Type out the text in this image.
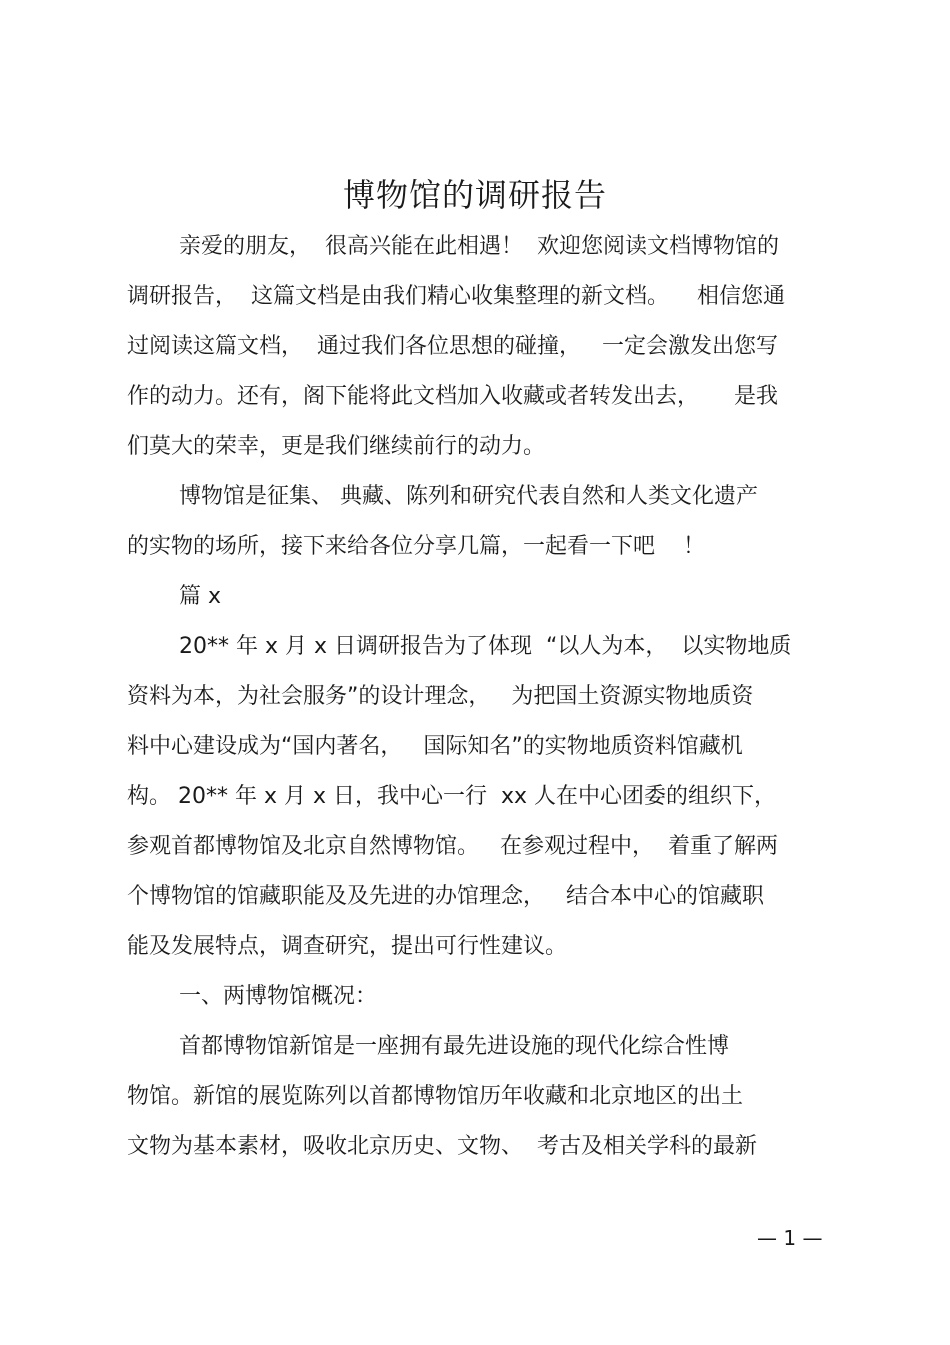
博物馆的调研报告
亲爱的朋友，  很高兴能在此相遇！  欢迎您阅读文档博物馆的
调研报告，  这篇文档是由我们精心收集整理的新文档。    相信您通
过阅读这篇文档，  通过我们各位思想的碰撞，   一定会激发出您写
作的动力。还有，阁下能将此文档加入收藏或者转发出去，     是我
们莫大的荣幸，更是我们继续前行的动力。
博物馆是征集、 典藏、陈列和研究代表自然和人类文化遗产
的实物的场所，接下来给各位分享几篇，一起看一下吧    ！
篇 x
20** 年 x 月 x 日调研报告为了体现  “以人为本，  以实物地质
资料为本，为社会服务”的设计理念，   为把国土资源实物地质资
料中心建设成为“国内著名，   国际知名”的实物地质资料馆藏机
构。 20** 年 x 月 x 日，我中心一行  xx 人在中心团委的组织下，
参观首都博物馆及北京自然博物馆。   在参观过程中，  着重了解两
个博物馆的馆藏职能及及先进的办馆理念，   结合本中心的馆藏职
能及发展特点，调查研究，提出可行性建议。
一、两博物馆概况：
首都博物馆新馆是一座拥有最先进设施的现代化综合性博
物馆。新馆的展览陈列以首都博物馆历年收藏和北京地区的出土
文物为基本素材，吸收北京历史、文物、  考古及相关学科的最新
— 1 —
